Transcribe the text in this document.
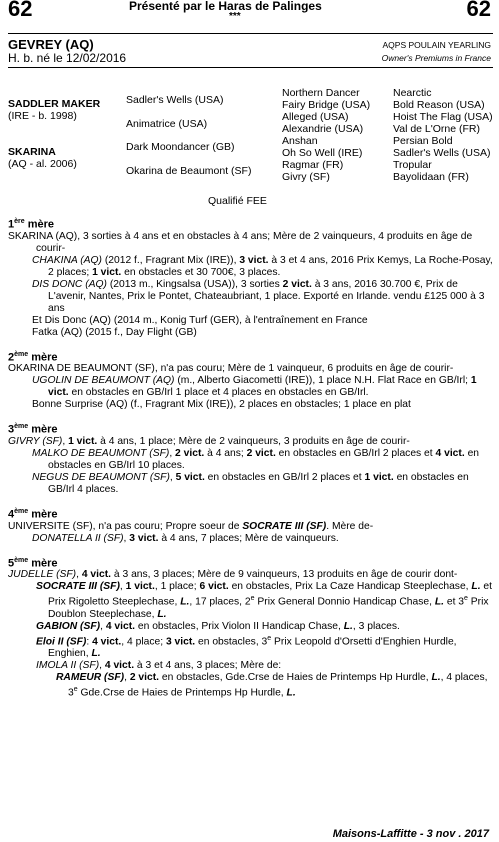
62	Présenté par le Haras de Palinges
***	62
GEVREY (AQ)
H. b. né le 12/02/2016
AQPS POULAIN YEARLING
Owner's Premiums in France
SADDLER MAKER
(IRE - b. 1998)
SKARINA
(AQ - al. 2006)
Sadler's Wells (USA)
Animatrice (USA)
Dark Moondancer (GB)
Okarina de Beaumont (SF)
Northern Dancer
Fairy Bridge (USA)
Alleged (USA)
Alexandrie (USA)
Anshan
Oh So Well (IRE)
Ragmar (FR)
Givry (SF)
Nearctic
Bold Reason (USA)
Hoist The Flag (USA)
Val de L'Orne (FR)
Persian Bold
Sadler's Wells (USA)
Tropular
Bayolidaan (FR)
Qualifié FEE

1ère mère

SKARINA (AQ), 3 sorties à 4 ans et en obstacles à 4 ans; Mère de 2 vainqueurs, 4 produits en âge de courir-

CHAKINA (AQ) (2012 f., Fragrant Mix (IRE)), 3 vict. à 3 et 4 ans, 2016 Prix Kemys, La Roche-Posay, 2 places; 1 vict. en obstacles et 30 700€, 3 places.

DIS DONC (AQ) (2013 m., Kingsalsa (USA)), 3 sorties 2 vict. à 3 ans, 2016 30.700 €, Prix de L'avenir, Nantes, Prix le Pontet, Chateaubriant, 1 place. Exporté en Irlande. vendu £125 000 à 3 ans

Et Dis Donc (AQ) (2014 m., Konig Turf (GER), à l'entraînement en France

Fatka (AQ) (2015 f., Day Flight (GB)

2ème mère

OKARINA DE BEAUMONT (SF), n'a pas couru; Mère de 1 vainqueur, 6 produits en âge de courir-

UGOLIN DE BEAUMONT (AQ) (m., Alberto Giacometti (IRE)), 1 place N.H. Flat Race en GB/Irl; 1 vict. en obstacles en GB/Irl 1 place et 4 places en obstacles en GB/Irl.

Bonne Surprise (AQ) (f., Fragrant Mix (IRE)), 2 places en obstacles; 1 place en plat

3ème mère

GIVRY (SF), 1 vict. à 4 ans, 1 place; Mère de 2 vainqueurs, 3 produits en âge de courir-

MALKO DE BEAUMONT (SF), 2 vict. à 4 ans; 2 vict. en obstacles en GB/Irl 2 places et 4 vict. en obstacles en GB/Irl 10 places.

NEGUS DE BEAUMONT (SF), 5 vict. en obstacles en GB/Irl 2 places et 1 vict. en obstacles en GB/Irl 4 places.

4ème mère

UNIVERSITE (SF), n'a pas couru; Propre soeur de SOCRATE III (SF). Mère de-

DONATELLA II (SF), 3 vict. à 4 ans, 7 places; Mère de vainqueurs.

5ème mère

JUDELLE (SF), 4 vict. à 3 ans, 3 places; Mère de 9 vainqueurs, 13 produits en âge de courir dont-

SOCRATE III (SF), 1 vict., 1 place; 6 vict. en obstacles, Prix La Caze Handicap Steeplechase, L. et Prix Rigoletto Steeplechase, L., 17 places, 2e Prix General Donnio Handicap Chase, L. et 3e Prix Doublon Steeplechase, L.

GABION (SF), 4 vict. en obstacles, Prix Violon II Handicap Chase, L., 3 places.

Eloi II (SF): 4 vict., 4 place; 3 vict. en obstacles, 3e Prix Leopold d'Orsetti d'Enghien Hurdle, Enghien, L.

IMOLA II (SF), 4 vict. à 3 et 4 ans, 3 places; Mère de:

RAMEUR (SF), 2 vict. en obstacles, Gde.Crse de Haies de Printemps Hp Hurdle, L., 4 places, 3e Gde.Crse de Haies de Printemps Hp Hurdle, L.

Maisons-Laffitte - 3 nov . 2017
